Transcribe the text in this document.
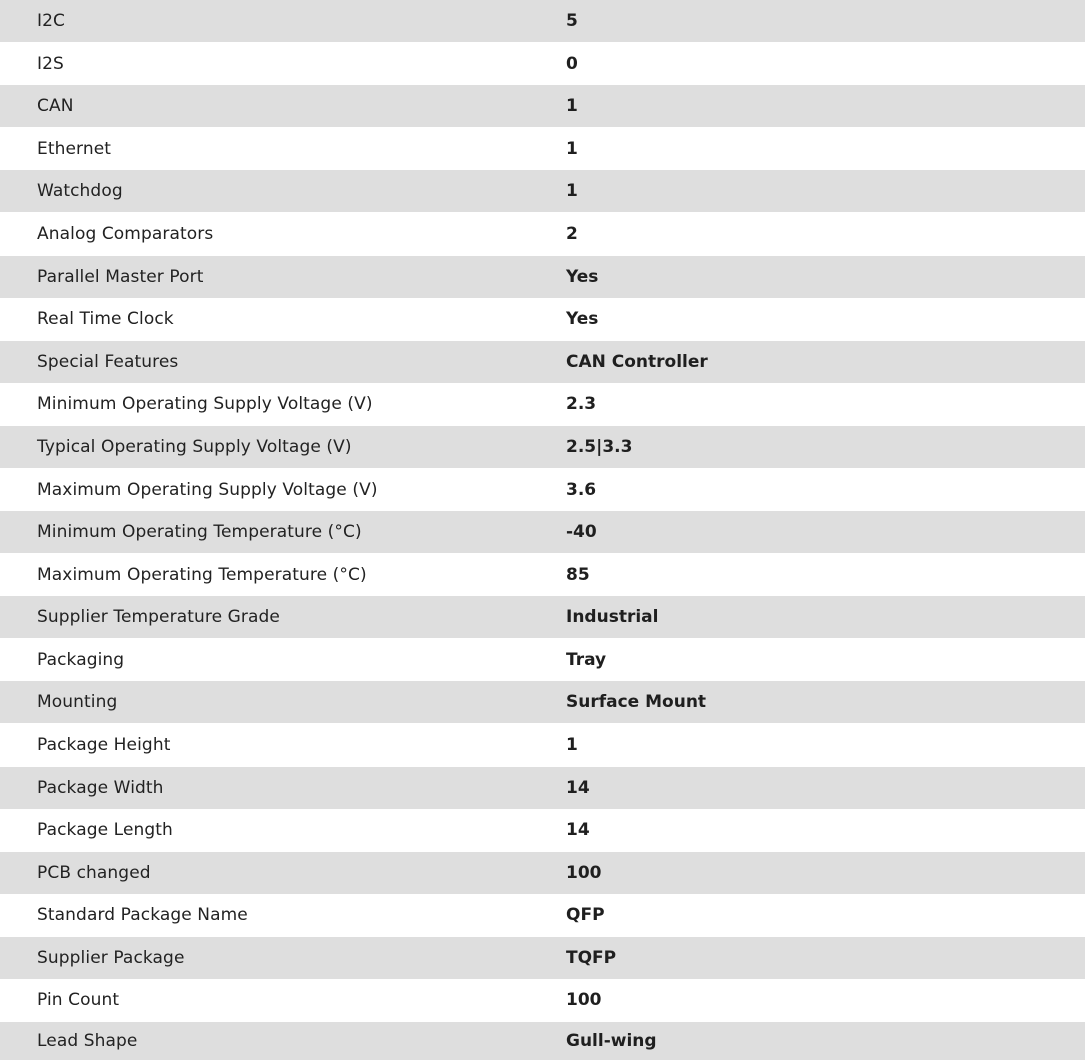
I2C	5
I2S	0
CAN	1
Ethernet	1
Watchdog	1
Analog Comparators	2
Parallel Master Port	Yes
Real Time Clock	Yes
Special Features	CAN Controller
Minimum Operating Supply Voltage (V)	2.3
Typical Operating Supply Voltage (V)	2.5|3.3
Maximum Operating Supply Voltage (V)	3.6
Minimum Operating Temperature (°C)	-40
Maximum Operating Temperature (°C)	85
Supplier Temperature Grade	Industrial
Packaging	Tray
Mounting	Surface Mount
Package Height	1
Package Width	14
Package Length	14
PCB changed	100
Standard Package Name	QFP
Supplier Package	TQFP
Pin Count	100
Lead Shape	Gull-wing
